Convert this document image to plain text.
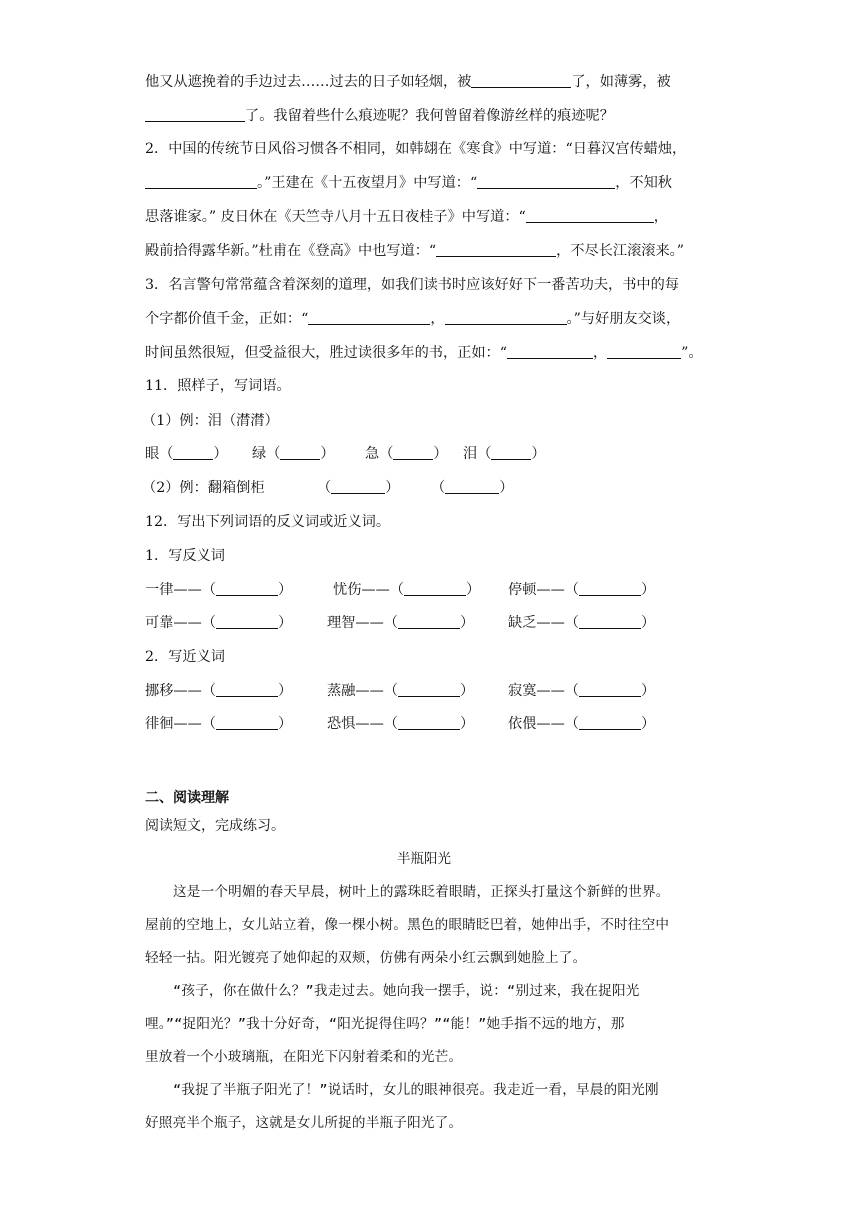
他又从遮挽着的手边过去……过去的日子如轻烟，被	了，如薄雾，被
了。我留着些什么痕迹呢？我何曾留着像游丝样的痕迹呢？
2．中国的传统节日风俗习惯各不相同，如韩翃在《寒食》中写道：“日暮汉宫传蜡烛，
。”王建在《十五夜望月》中写道：“	，不知秋
思落谁家。” 皮日休在《天竺寺八月十五日夜桂子》中写道：“	，
殿前拾得露华新。”杜甫在《登高》中也写道：“	，不尽长江滚滚来。”
3．名言警句常常蕴含着深刻的道理，如我们读书时应该好好下一番苦功夫，书中的每
个字都价值千金，正如：“	，	。”与好朋友交谈，
时间虽然很短，但受益很大，胜过读很多年的书，正如：“	，	”。
11．照样子，写词语。
（1）例：泪（潸潸）
眼（	） 绿（	） 急（	） 泪（	）
（2）例：翻箱倒柜	（	） （	）
12．写出下列词语的反义词或近义词。
1．写反义词
一律——（	）	忧伤——（	） 停顿——（	）
可靠——（	） 理智——（	） 缺乏——（	）
2．写近义词
挪移——（	） 蒸融——（	） 寂寞——（	）
徘徊——（	） 恐惧——（	） 依偎——（	）
二、阅读理解
阅读短文，完成练习。
半瓶阳光
这是一个明媚的春天早晨，树叶上的露珠眨着眼睛，正探头打量这个新鲜的世界。
屋前的空地上，女儿站立着，像一棵小树。黑色的眼睛眨巴着，她伸出手，不时往空中
轻轻一拈。阳光镀亮了她仰起的双颊，仿佛有两朵小红云飘到她脸上了。
“孩子，你在做什么？”我走过去。她向我一摆手，说：“别过来，我在捉阳光
哩。”“捉阳光？”我十分好奇，“阳光捉得住吗？”“能！”她手指不远的地方，那
里放着一个小玻璃瓶，在阳光下闪射着柔和的光芒。
“我捉了半瓶子阳光了！”说话时，女儿的眼神很亮。我走近一看，早晨的阳光刚
好照亮半个瓶子，这就是女儿所捉的半瓶子阳光了。
